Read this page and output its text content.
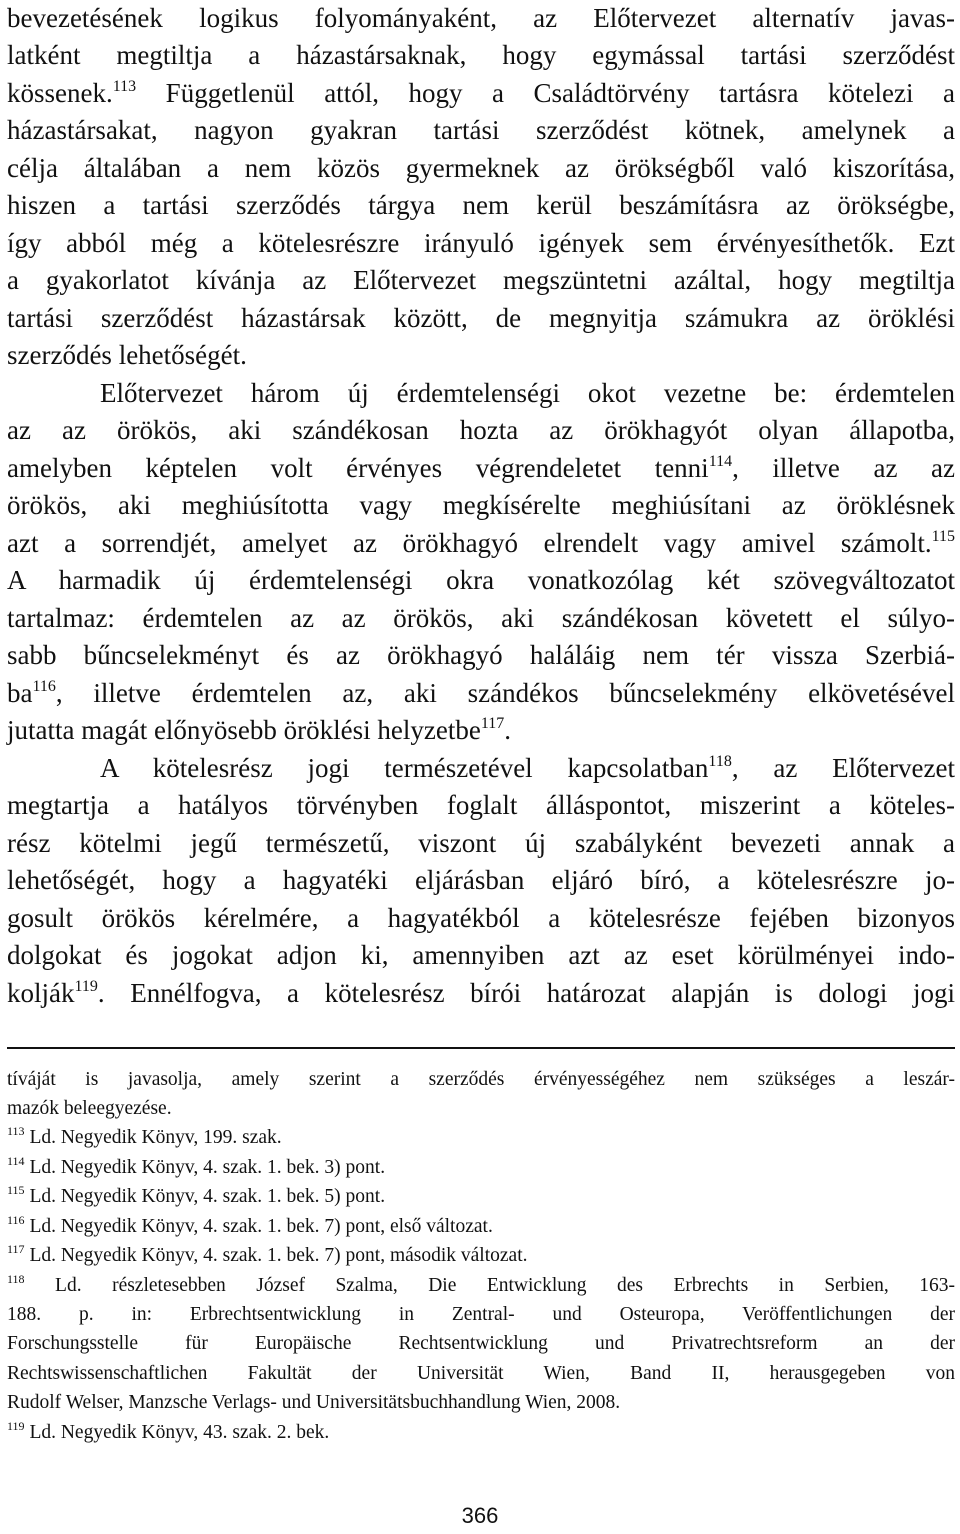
bevezetésének logikus folyományaként, az Előtervezet alternatív javas-
latként megtiltja a házastársaknak, hogy egymással tartási szerződést
kössenek.$^{113}$ Függetlenül attól, hogy a Családtörvény tartásra kötelezi a
házastársakat, nagyon gyakran tartási szerződést kötnek, amelynek a
célja általában a nem közös gyermeknek az örökségből való kiszorítása,
hiszen a tartási szerződés tárgya nem kerül beszámításra az örökségbe,
így abból még a kötelesrészre irányuló igények sem érvényesíthetők. Ezt
a gyakorlatot kívánja az Előtervezet megszüntetni azáltal, hogy megtiltja
tartási szerződést házastársak között, de megnyitja számukra az öröklési
szerződés lehetőségét.
Előtervezet három új érdemtelenségi okot vezetne be: érdemtelen
az az örökös, aki szándékosan hozta az örökhagyót olyan állapotba,
amelyben képtelen volt érvényes végrendeletet tenni$^{114}$, illetve az az
örökös, aki meghiúsította vagy megkísérelte meghiúsítani az öröklésnek
azt a sorrendjét, amelyet az örökhagyó elrendelt vagy amivel számolt.$^{115}$
A harmadik új érdemtelenségi okra vonatkozólag két szövegváltozatot
tartalmaz: érdemtelen az az örökös, aki szándékosan követett el súlyo-
sabb bűncselekményt és az örökhagyó haláláig nem tér vissza Szerbiá-
$ba^{116}$, illetve érdemtelen az, aki szándékos bűncselekmény elkövetésével
jutatta magát előnyösebb öröklési helyzetbe$^{117}$.
A kötelesrész jogi természetével kapcsolatban$^{118}$, az Előtervezet
megtartja a hatályos törvényben foglalt álláspontot, miszerint a köteles-
rész kötelmi jegű természetű, viszont új szabályként bevezeti annak a
lehetőségét, hogy a hagyatéki eljárásban eljáró bíró, a kötelesrészre jo-
gosult örökös kérelmére, a hagyatékból a kötelesrésze fejében bizonyos
dolgokat és jogokat adjon ki, amennyiben azt az eset körülményei indo-
kolják$^{119}$. Ennélfogva, a kötelesrész bírói határozat alapján is dologi jogi
tívájá​t is javasolja, amely szerint a szerződés érvényességéhez nem szükséges a leszár-
mazók beleegyezése.
$^{113}$ Ld. Negyedik Könyv, 199. szak.
$^{114}$ Ld. Negyedik Könyv, 4. szak. 1. bek. 3) pont.
$^{115}$ Ld. Negyedik Könyv, 4. szak. 1. bek. 5) pont.
$^{116}$ Ld. Negyedik Könyv, 4. szak. 1. bek. 7) pont, első változat.
$^{117}$ Ld. Negyedik Könyv, 4. szak. 1. bek. 7) pont, második változat.
$^{118}$ Ld. részletesebben József Szalma, Die Entwicklung des Erbrechts in Serbien, 163-
188. p. in: Erbrechtsentwicklung in Zentral- und Osteuropa, Veröffentlichungen der
Forschungsstelle für Europäische Rechtsentwicklung und Privatrechtsreform an der
Rechtswissenschaftlichen Fakultät der Universität Wien, Band II, herausgegeben von
Rudolf Welser, Manzsche Verlags- und Universitätsbuchhandlung Wien, 2008.
$^{119}$ Ld. Negyedik Könyv, 43. szak. 2. bek.
366
